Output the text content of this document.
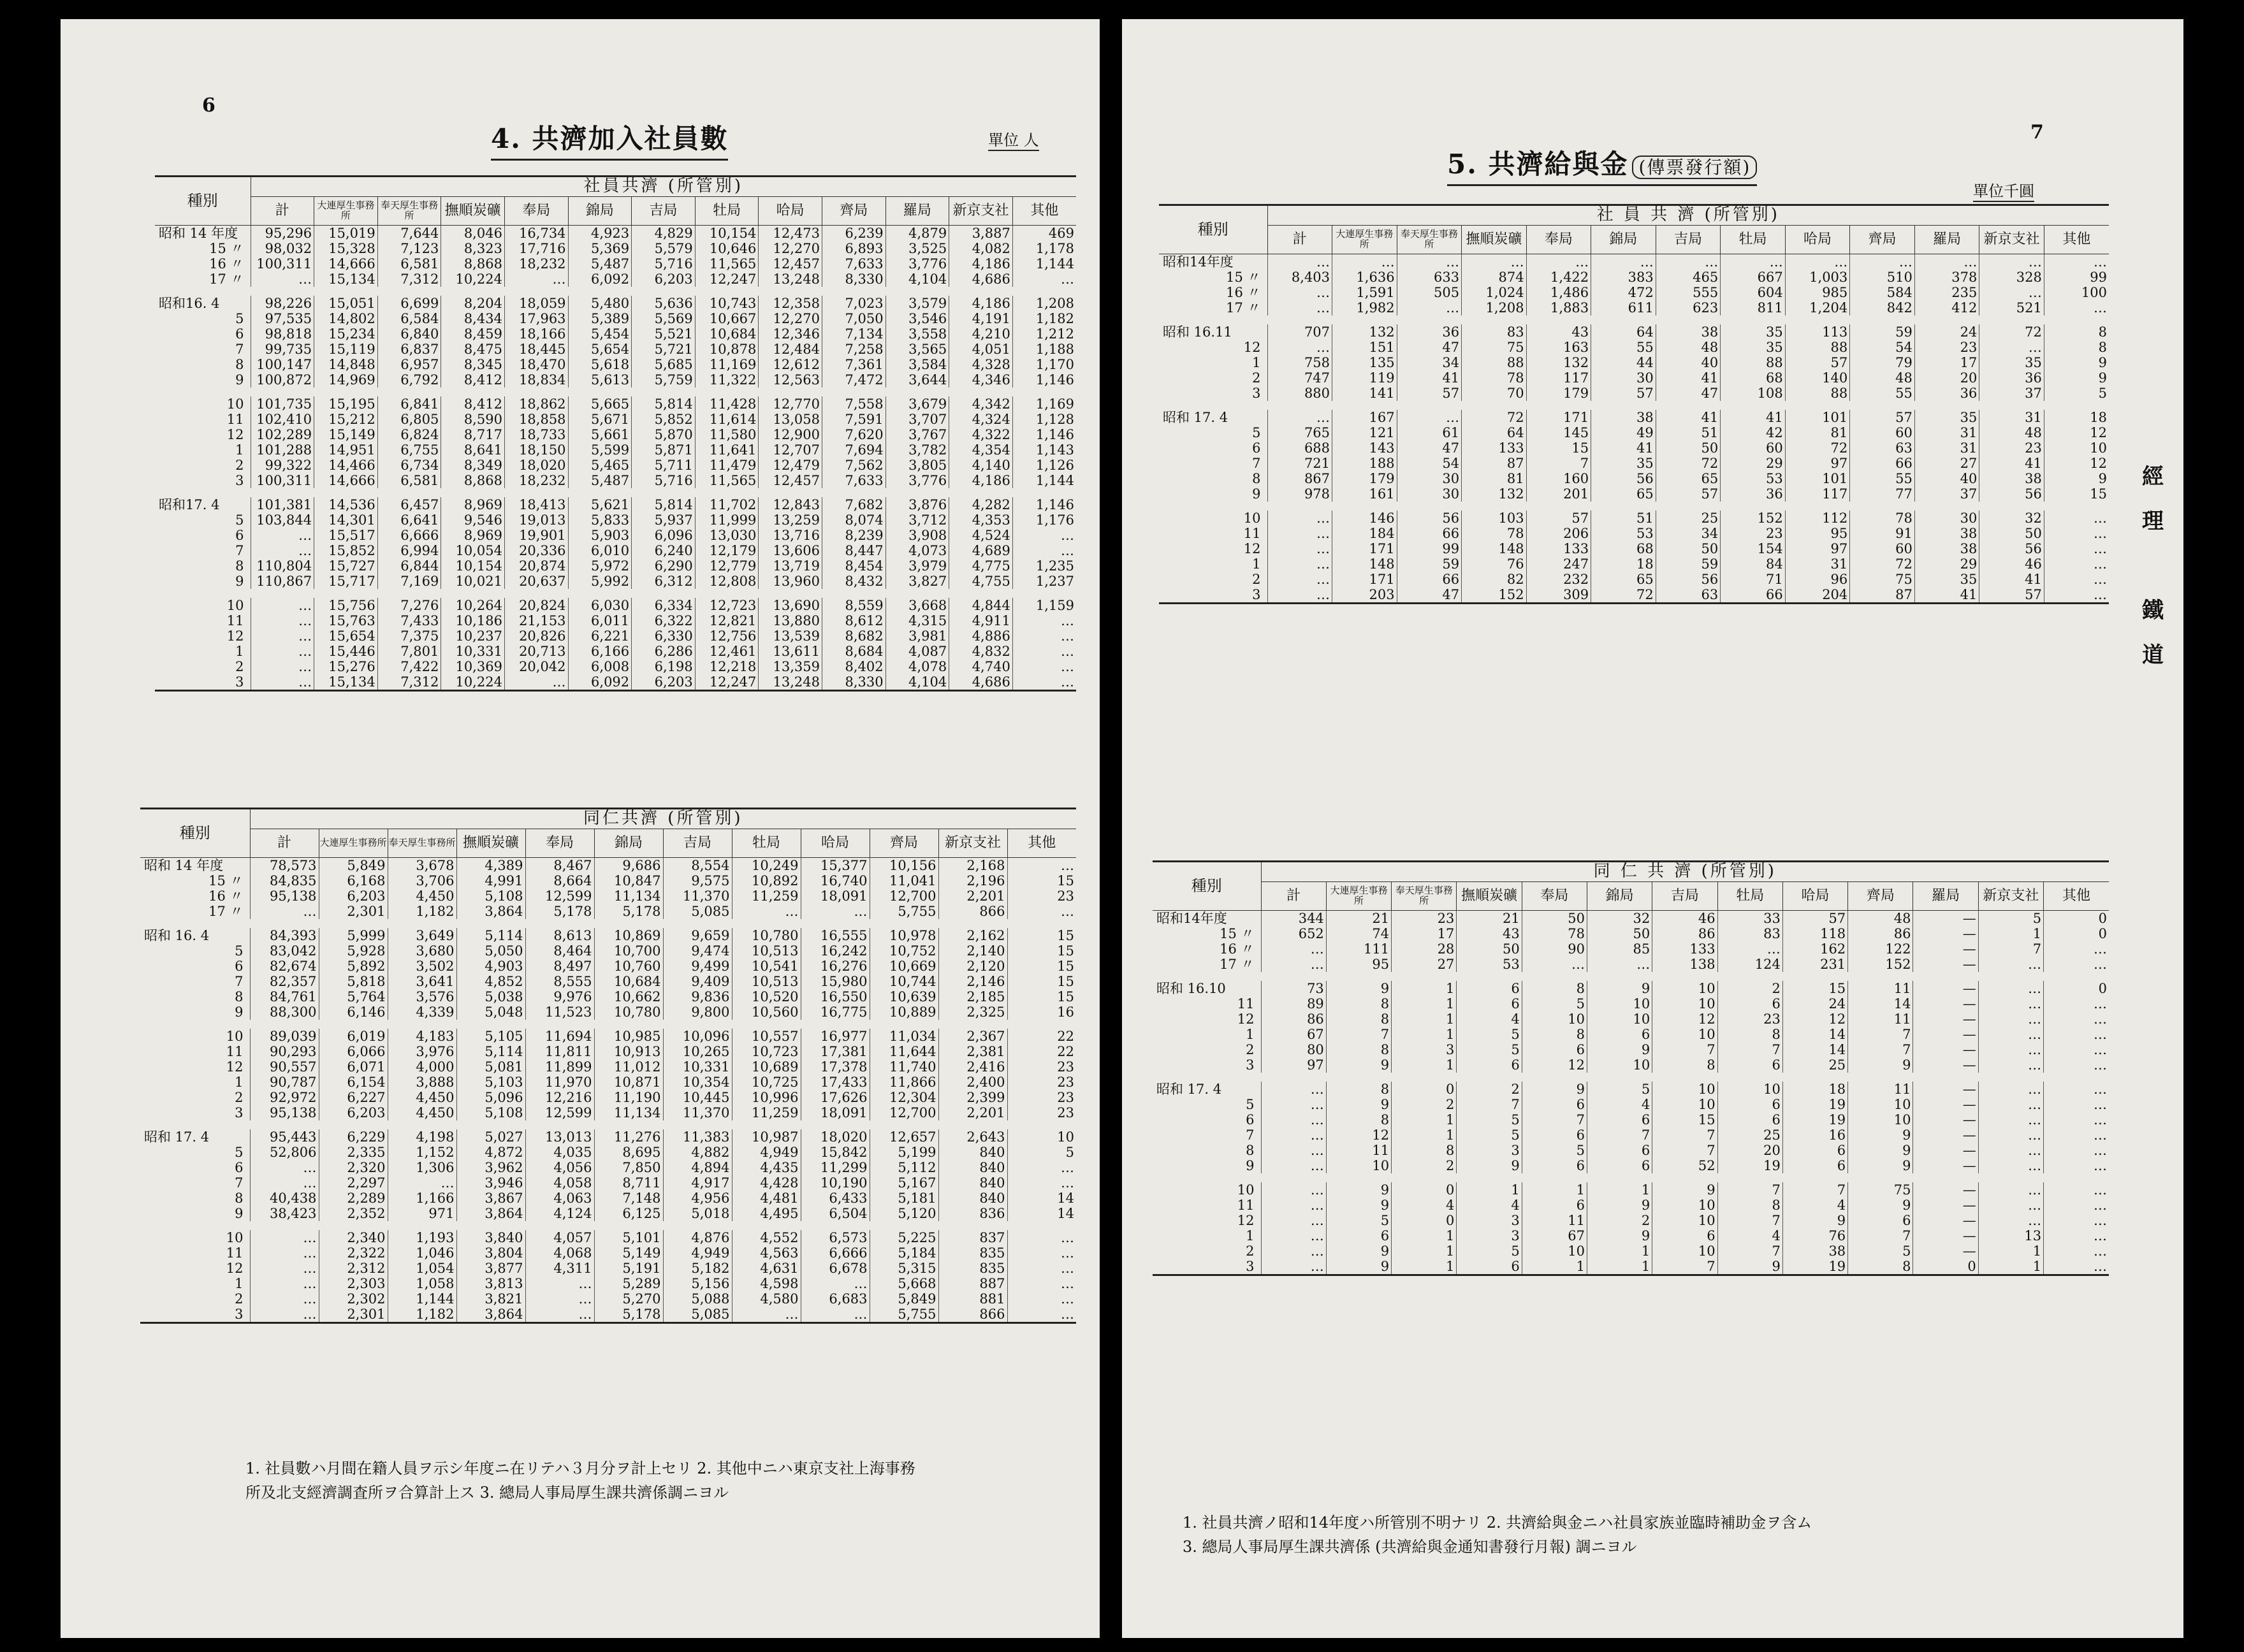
6
4. 共濟加入社員數	單位 人
種別	社員共濟 (所管別)												
	計	大連厚生事務所	奉天厚生事務所	撫順炭礦	奉局	錦局	吉局	牡局	哈局	齊局	羅局	新京支社	其他
昭和 14 年度	95,296	15,019	7,644	8,046	16,734	4,923	4,829	10,154	12,473	6,239	4,879	3,887	469
15 〃	98,032	15,328	7,123	8,323	17,716	5,369	5,579	10,646	12,270	6,893	3,525	4,082	1,178
16 〃	100,311	14,666	6,581	8,868	18,232	5,487	5,716	11,565	12,457	7,633	3,776	4,186	1,144
17 〃	…	15,134	7,312	10,224	…	6,092	6,203	12,247	13,248	8,330	4,104	4,686	…

昭和16. 4	98,226	15,051	6,699	8,204	18,059	5,480	5,636	10,743	12,358	7,023	3,579	4,186	1,208
5	97,535	14,802	6,584	8,434	17,963	5,389	5,569	10,667	12,270	7,050	3,546	4,191	1,182
6	98,818	15,234	6,840	8,459	18,166	5,454	5,521	10,684	12,346	7,134	3,558	4,210	1,212
7	99,735	15,119	6,837	8,475	18,445	5,654	5,721	10,878	12,484	7,258	3,565	4,051	1,188
8	100,147	14,848	6,957	8,345	18,470	5,618	5,685	11,169	12,612	7,361	3,584	4,328	1,170
9	100,872	14,969	6,792	8,412	18,834	5,613	5,759	11,322	12,563	7,472	3,644	4,346	1,146

10	101,735	15,195	6,841	8,412	18,862	5,665	5,814	11,428	12,770	7,558	3,679	4,342	1,169
11	102,410	15,212	6,805	8,590	18,858	5,671	5,852	11,614	13,058	7,591	3,707	4,324	1,128
12	102,289	15,149	6,824	8,717	18,733	5,661	5,870	11,580	12,900	7,620	3,767	4,322	1,146
1	101,288	14,951	6,755	8,641	18,150	5,599	5,871	11,641	12,707	7,694	3,782	4,354	1,143
2	99,322	14,466	6,734	8,349	18,020	5,465	5,711	11,479	12,479	7,562	3,805	4,140	1,126
3	100,311	14,666	6,581	8,868	18,232	5,487	5,716	11,565	12,457	7,633	3,776	4,186	1,144

昭和17. 4	101,381	14,536	6,457	8,969	18,413	5,621	5,814	11,702	12,843	7,682	3,876	4,282	1,146
5	103,844	14,301	6,641	9,546	19,013	5,833	5,937	11,999	13,259	8,074	3,712	4,353	1,176
6	…	15,517	6,666	8,969	19,901	5,903	6,096	13,030	13,716	8,239	3,908	4,524	…
7	…	15,852	6,994	10,054	20,336	6,010	6,240	12,179	13,606	8,447	4,073	4,689	…
8	110,804	15,727	6,844	10,154	20,874	5,972	6,290	12,779	13,719	8,454	3,979	4,775	1,235
9	110,867	15,717	7,169	10,021	20,637	5,992	6,312	12,808	13,960	8,432	3,827	4,755	1,237

10	…	15,756	7,276	10,264	20,824	6,030	6,334	12,723	13,690	8,559	3,668	4,844	1,159
11	…	15,763	7,433	10,186	21,153	6,011	6,322	12,821	13,880	8,612	4,315	4,911	…
12	…	15,654	7,375	10,237	20,826	6,221	6,330	12,756	13,539	8,682	3,981	4,886	…
1	…	15,446	7,801	10,331	20,713	6,166	6,286	12,461	13,611	8,684	4,087	4,832	…
2	…	15,276	7,422	10,369	20,042	6,008	6,198	12,218	13,359	8,402	4,078	4,740	…
3	…	15,134	7,312	10,224	…	6,092	6,203	12,247	13,248	8,330	4,104	4,686	…
種別	同仁共濟 (所管別)											
	計	大連厚生事務所	奉天厚生事務所	撫順炭礦	奉局	錦局	吉局	牡局	哈局	齊局	新京支社	其他
昭和 14 年度	78,573	5,849	3,678	4,389	8,467	9,686	8,554	10,249	15,377	10,156	2,168	…
15 〃	84,835	6,168	3,706	4,991	8,664	10,847	9,575	10,892	16,740	11,041	2,196	15
16 〃	95,138	6,203	4,450	5,108	12,599	11,134	11,370	11,259	18,091	12,700	2,201	23
17 〃	…	2,301	1,182	3,864	5,178	5,178	5,085	…	…	5,755	866	…

昭和 16. 4	84,393	5,999	3,649	5,114	8,613	10,869	9,659	10,780	16,555	10,978	2,162	15
5	83,042	5,928	3,680	5,050	8,464	10,700	9,474	10,513	16,242	10,752	2,140	15
6	82,674	5,892	3,502	4,903	8,497	10,760	9,499	10,541	16,276	10,669	2,120	15
7	82,357	5,818	3,641	4,852	8,555	10,684	9,409	10,513	15,980	10,744	2,146	15
8	84,761	5,764	3,576	5,038	9,976	10,662	9,836	10,520	16,550	10,639	2,185	15
9	88,300	6,146	4,339	5,048	11,523	10,780	9,800	10,560	16,775	10,889	2,325	16

10	89,039	6,019	4,183	5,105	11,694	10,985	10,096	10,557	16,977	11,034	2,367	22
11	90,293	6,066	3,976	5,114	11,811	10,913	10,265	10,723	17,381	11,644	2,381	22
12	90,557	6,071	4,000	5,081	11,899	11,012	10,331	10,689	17,378	11,740	2,416	23
1	90,787	6,154	3,888	5,103	11,970	10,871	10,354	10,725	17,433	11,866	2,400	23
2	92,972	6,227	4,450	5,096	12,216	11,190	10,445	10,996	17,626	12,304	2,399	23
3	95,138	6,203	4,450	5,108	12,599	11,134	11,370	11,259	18,091	12,700	2,201	23

昭和 17. 4	95,443	6,229	4,198	5,027	13,013	11,276	11,383	10,987	18,020	12,657	2,643	10
5	52,806	2,335	1,152	4,872	4,035	8,695	4,882	4,949	15,842	5,199	840	5
6	…	2,320	1,306	3,962	4,056	7,850	4,894	4,435	11,299	5,112	840	…
7	…	2,297	…	3,946	4,058	8,711	4,917	4,428	10,190	5,167	840	…
8	40,438	2,289	1,166	3,867	4,063	7,148	4,956	4,481	6,433	5,181	840	14
9	38,423	2,352	971	3,864	4,124	6,125	5,018	4,495	6,504	5,120	836	14

10	…	2,340	1,193	3,840	4,057	5,101	4,876	4,552	6,573	5,225	837	…
11	…	2,322	1,046	3,804	4,068	5,149	4,949	4,563	6,666	5,184	835	…
12	…	2,312	1,054	3,877	4,311	5,191	5,182	4,631	6,678	5,315	835	…
1	…	2,303	1,058	3,813	…	5,289	5,156	4,598	…	5,668	887	…
2	…	2,302	1,144	3,821	…	5,270	5,088	4,580	6,683	5,849	881	…
3	…	2,301	1,182	3,864	…	5,178	5,085	…	…	5,755	866	…
1. 社員數ハ月間在籍人員ヲ示シ年度ニ在リテハ３月分ヲ計上セリ 2. 其他中ニハ東京支社上海事務
所及北支經濟調査所ヲ合算計上ス 3. 總局人事局厚生課共濟係調ニヨル
7
5. 共濟給與金 (傳票發行額)
單位千圓
種別	社 員 共 濟 (所管別)												
	計	大連厚生事務所	奉天厚生事務所	撫順炭礦	奉局	錦局	吉局	牡局	哈局	齊局	羅局	新京支社	其他
昭和14年度	…	…	…	…	…	…	…	…	…	…	…	…	…
15 〃	8,403	1,636	633	874	1,422	383	465	667	1,003	510	378	328	99
16 〃	…	1,591	505	1,024	1,486	472	555	604	985	584	235	…	100
17 〃	…	1,982	…	1,208	1,883	611	623	811	1,204	842	412	521	…

昭和 16.11	707	132	36	83	43	64	38	35	113	59	24	72	8
12	…	151	47	75	163	55	48	35	88	54	23	…	8
1	758	135	34	88	132	44	40	88	57	79	17	35	9
2	747	119	41	78	117	30	41	68	140	48	20	36	9
3	880	141	57	70	179	57	47	108	88	55	36	37	5

昭和 17. 4	…	167	…	72	171	38	41	41	101	57	35	31	18
5	765	121	61	64	145	49	51	42	81	60	31	48	12
6	688	143	47	133	15	41	50	60	72	63	31	23	10
7	721	188	54	87	7	35	72	29	97	66	27	41	12
8	867	179	30	81	160	56	65	53	101	55	40	38	9
9	978	161	30	132	201	65	57	36	117	77	37	56	15

10	…	146	56	103	57	51	25	152	112	78	30	32	…
11	…	184	66	78	206	53	34	23	95	91	38	50	…
12	…	171	99	148	133	68	50	154	97	60	38	56	…
1	…	148	59	76	247	18	59	84	31	72	29	46	…
2	…	171	66	82	232	65	56	71	96	75	35	41	…
3	…	203	47	152	309	72	63	66	204	87	41	57	…
種別	同 仁 共 濟 (所管別)												
	計	大連厚生事務所	奉天厚生事務所	撫順炭礦	奉局	錦局	吉局	牡局	哈局	齊局	羅局	新京支社	其他
昭和14年度	344	21	23	21	50	32	46	33	57	48	—	5	0
15 〃	652	74	17	43	78	50	86	83	118	86	—	1	0
16 〃	…	111	28	50	90	85	133	…	162	122	—	7	…
17 〃	…	95	27	53	…	…	138	124	231	152	—	…	…

昭和 16.10	73	9	1	6	8	9	10	2	15	11	—	…	0
11	89	8	1	6	5	10	10	6	24	14	—	…	…
12	86	8	1	4	10	10	12	23	12	11	—	…	…
1	67	7	1	5	8	6	10	8	14	7	—	…	…
2	80	8	3	5	6	9	7	7	14	7	—	…	…
3	97	9	1	6	12	10	8	6	25	9	—	…	…

昭和 17. 4	…	8	0	2	9	5	10	10	18	11	—	…	…
5	…	9	2	7	6	4	10	6	19	10	—	…	…
6	…	8	1	5	7	6	15	6	19	10	—	…	…
7	…	12	1	5	6	7	7	25	16	9	—	…	…
8	…	11	8	3	5	6	7	20	6	9	—	…	…
9	…	10	2	9	6	6	52	19	6	9	—	…	…

10	…	9	0	1	1	1	9	7	7	75	—	…	…
11	…	9	4	4	6	9	10	8	4	9	—	…	…
12	…	5	0	3	11	2	10	7	9	6	—	…	…
1	…	6	1	3	67	9	6	4	76	7	—	13	…
2	…	9	1	5	10	1	10	7	38	5	—	1	…
3	…	9	1	6	1	1	7	9	19	8	0	1	…
1. 社員共濟ノ昭和14年度ハ所管別不明ナリ 2. 共濟給與金ニハ社員家族並臨時補助金ヲ含ム
3. 總局人事局厚生課共濟係 (共濟給與金通知書發行月報) 調ニヨル
經
理
鐵
道
